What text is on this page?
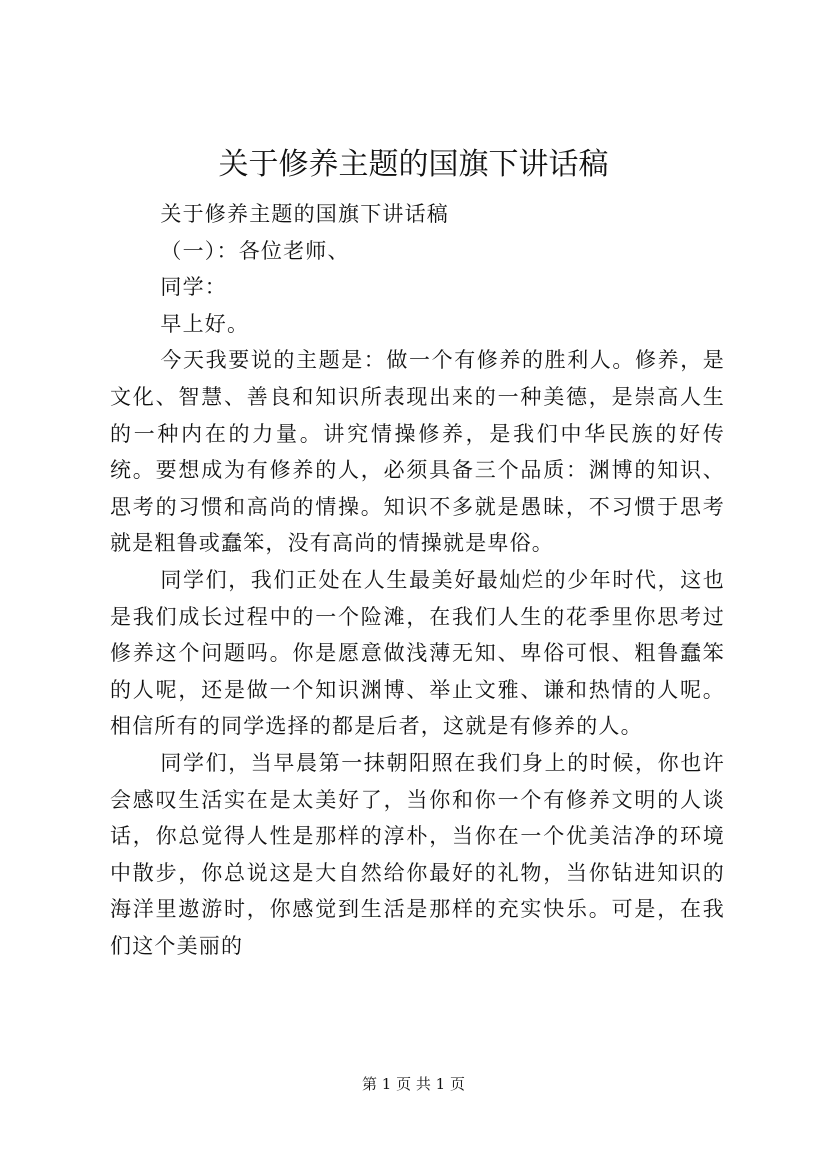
关于修养主题的国旗下讲话稿

关于修养主题的国旗下讲话稿

（一）：各位老师、

同学：

早上好。

今天我要说的主题是：做一个有修养的胜利人。修养，是文化、智慧、善良和知识所表现出来的一种美德，是崇高人生的一种内在的力量。讲究情操修养，是我们中华民族的好传统。要想成为有修养的人，必须具备三个品质：渊博的知识、思考的习惯和高尚的情操。知识不多就是愚昧，不习惯于思考就是粗鲁或蠢笨，没有高尚的情操就是卑俗。

同学们，我们正处在人生最美好最灿烂的少年时代，这也是我们成长过程中的一个险滩，在我们人生的花季里你思考过修养这个问题吗。你是愿意做浅薄无知、卑俗可恨、粗鲁蠢笨的人呢，还是做一个知识渊博、举止文雅、谦和热情的人呢。相信所有的同学选择的都是后者，这就是有修养的人。

同学们，当早晨第一抹朝阳照在我们身上的时候，你也许会感叹生活实在是太美好了，当你和你一个有修养文明的人谈话，你总觉得人性是那样的淳朴，当你在一个优美洁净的环境中散步，你总说这是大自然给你最好的礼物，当你钻进知识的海洋里遨游时，你感觉到生活是那样的充实快乐。可是，在我们这个美丽的

第 1 页 共 1 页
